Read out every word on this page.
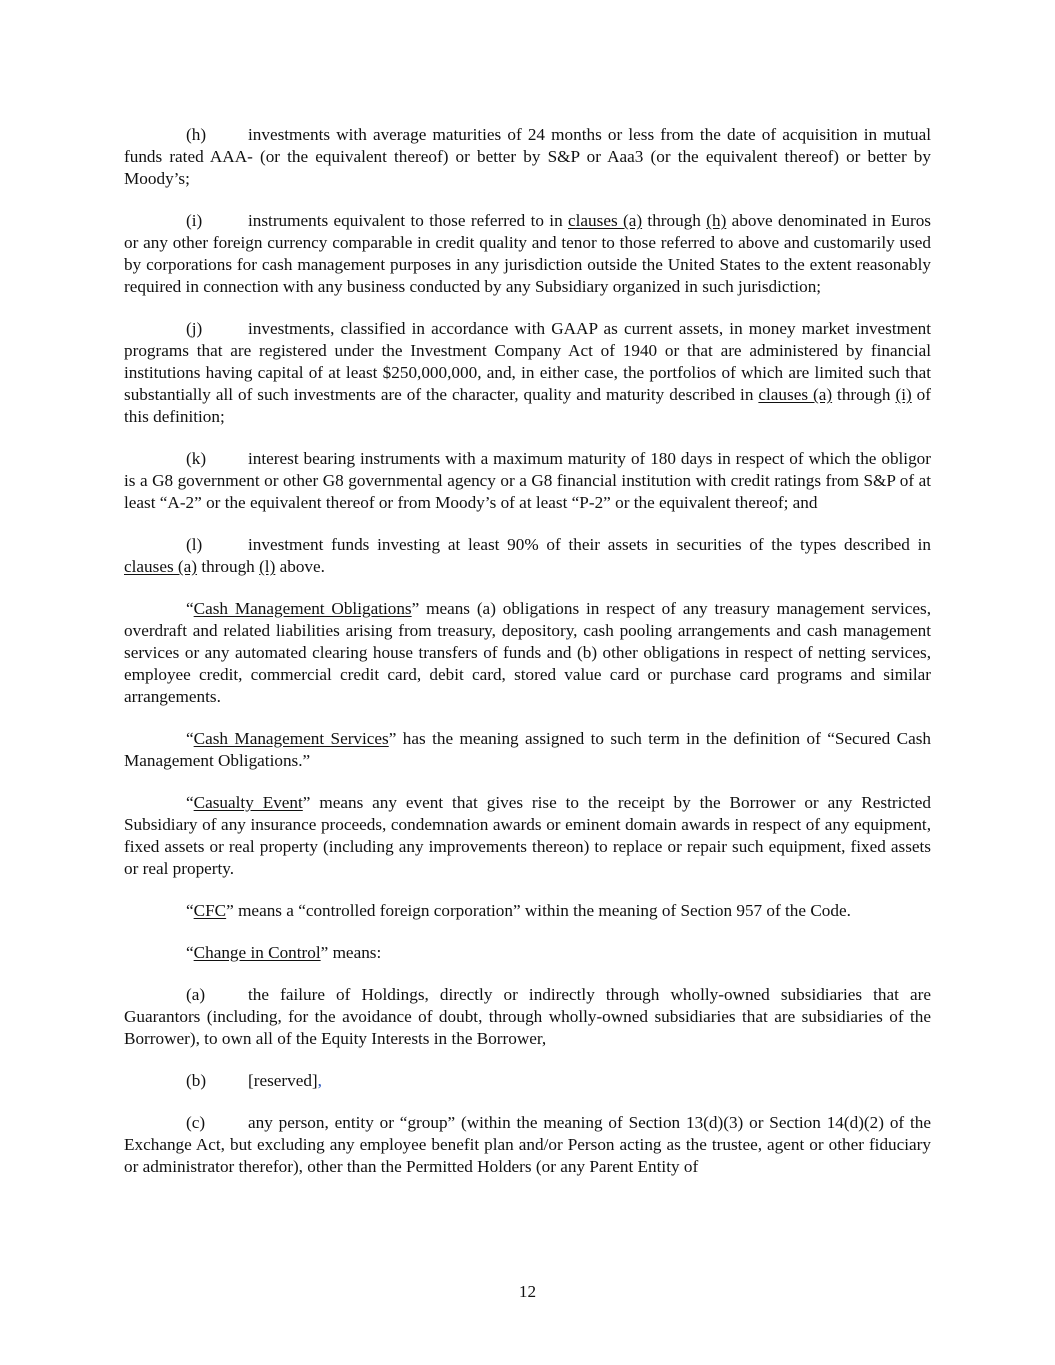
(h) investments with average maturities of 24 months or less from the date of acquisition in mutual funds rated AAA- (or the equivalent thereof) or better by S&P or Aaa3 (or the equivalent thereof) or better by Moody’s;

(i)	instruments equivalent to those referred to in clauses (a) through (h) above denominated in Euros or any other foreign currency comparable in credit quality and tenor to those referred to above and customarily used by corporations for cash management purposes in any jurisdiction outside the United States to the extent reasonably required in connection with any business conducted by any Subsidiary organized in such jurisdiction;

(j)	investments, classified in accordance with GAAP as current assets, in money market investment programs that are registered under the Investment Company Act of 1940 or that are administered by financial institutions having capital of at least $250,000,000, and, in either case, the portfolios of which are limited such that substantially all of such investments are of the character, quality and maturity described in clauses (a) through (i) of this definition;

(k) interest bearing instruments with a maximum maturity of 180 days in respect of which the obligor is a G8 government or other G8 governmental agency or a G8 financial institution with credit ratings from S&P of at least “A-2” or the equivalent thereof or from Moody’s of at least “P-2” or the equivalent thereof; and

(l)	investment funds investing at least 90% of their assets in securities of the types described in clauses (a) through (l) above.

“Cash Management Obligations” means (a) obligations in respect of any treasury management services, overdraft and related liabilities arising from treasury, depository, cash pooling arrangements and cash management services or any automated clearing house transfers of funds and (b) other obligations in respect of netting services, employee credit, commercial credit card, debit card, stored value card or purchase card programs and similar arrangements.

“Cash Management Services” has the meaning assigned to such term in the definition of “Secured Cash Management Obligations.”

“Casualty Event” means any event that gives rise to the receipt by the Borrower or any Restricted Subsidiary of any insurance proceeds, condemnation awards or eminent domain awards in respect of any equipment, fixed assets or real property (including any improvements thereon) to replace or repair such equipment, fixed assets or real property.

“CFC” means a “controlled foreign corporation” within the meaning of Section 957 of the Code.

“Change in Control” means:

(a) the failure of Holdings, directly or indirectly through wholly-owned subsidiaries that are Guarantors (including, for the avoidance of doubt, through wholly-owned subsidiaries that are subsidiaries of the Borrower), to own all of the Equity Interests in the Borrower,

(b) [reserved],

(c) any person, entity or “group” (within the meaning of Section 13(d)(3) or Section 14(d)(2) of the Exchange Act, but excluding any employee benefit plan and/or Person acting as the trustee, agent or other fiduciary or administrator therefor), other than the Permitted Holders (or any Parent Entity of

12
